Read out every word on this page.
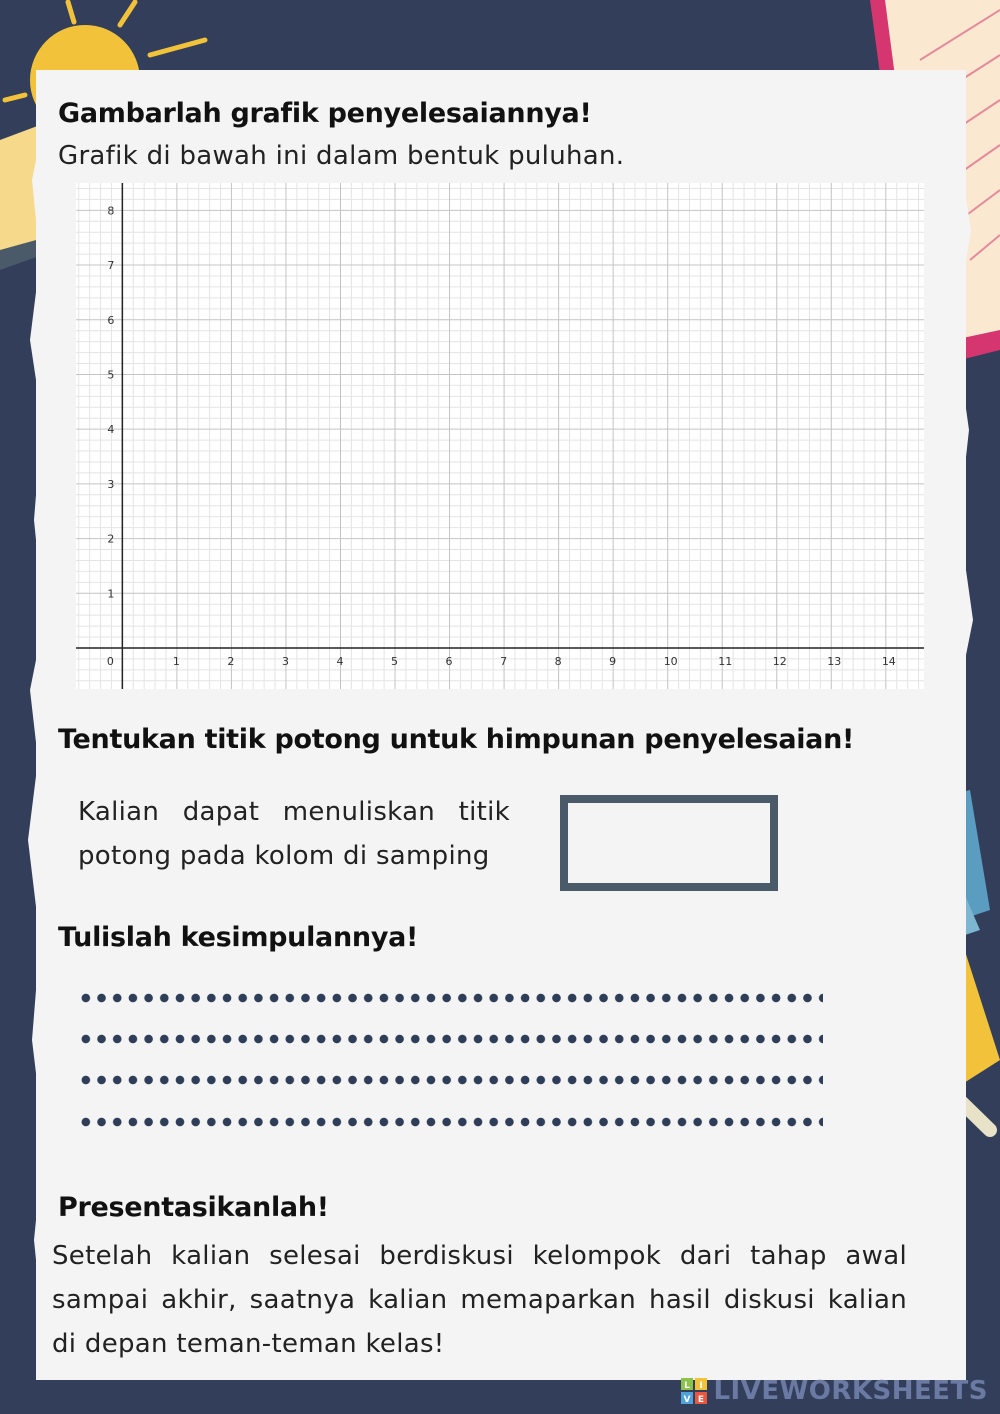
Gambarlah grafik penyelesaiannya!
Grafik di bawah ini dalam bentuk puluhan.
0	1	2	3	4	5	6	7	8	9	10	11	12	13	14
1
2
3
4
5
6
7
8
Tentukan titik potong untuk himpunan penyelesaian!
Kalian dapat menuliskan titik potong pada kolom di samping
Tulislah kesimpulannya!
Presentasikanlah!
Setelah kalian selesai berdiskusi kelompok dari tahap awal sampai akhir, saatnya kalian memaparkan hasil diskusi kalian di depan teman-teman kelas!
L I
V E LIVEWORKSHEETS
